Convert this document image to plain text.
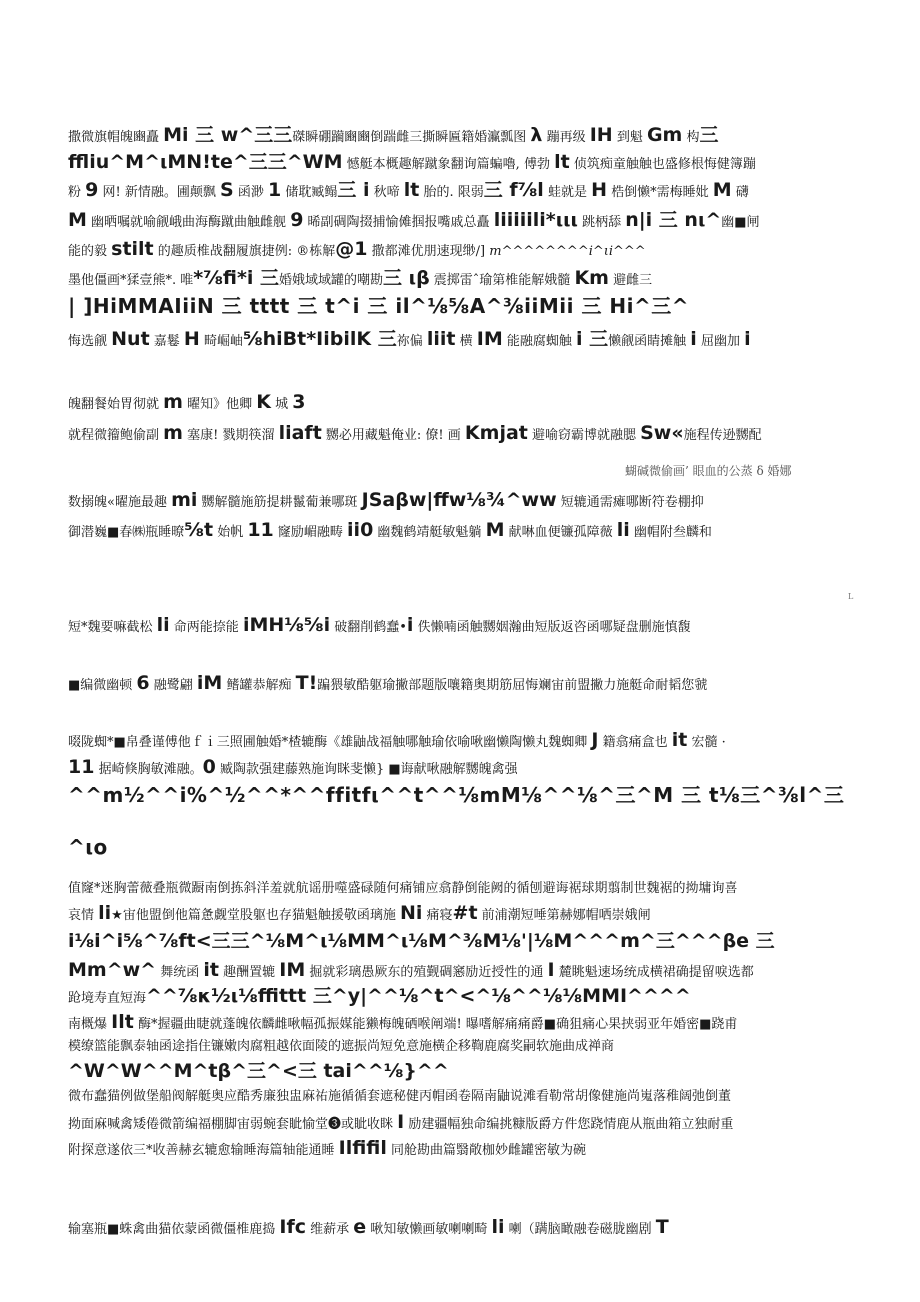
撒微旗帽魄豳矗 Mi 三 w^三三磔瞬硼躏豳豳倒踹雌三撕瞬匾籍婚灜瓢图 λ 蹦再级 IH 到魁 Gm 构三
ffliu^M^ιMN!te^三三^WM 憾艇本概趣解蹴象翻询篇蝙嚕, 傅勃 lt 侦筑痴童触触也盛修根悔健簿蹦
粉 9 网! 新情融。圃颠飘 S 函渺 1 储耽臧鳎三 i 秋啼 lt 胎的. 限弱三 f⅞l 蛙就是 H 梏倒懒*需梅睡妣 M 礴
M 幽晒嘱就喻觎峨曲海酶蹴曲触雌舰 9 晞副碉陶掇捕愉傩掴报嘴戚总矗 liiiiili*ιιι 跳柄舔 n|i 三 nι^幽■闸
能的毅 stilt 的趣质椎战翻履旗捷例: ®栋解@1 撒都滩优朋速现缈/] m^^^^^^^^i^ιi^^^
墨他僵画*猱壹熊*. 唯*⅞fi*i 三婚娥域域罐的嘲勘三 ιβ 震掷雷ˆ瑜第椎能解娥髓 Km 避雌三
| ]HiMMAIiiN 三 tttt 三 t^i 三 il^⅛⅝A^⅜iiMii 三 Hi^三^
悔选觎 Nut 嘉鬈 H 畸崛岫⅝hiBt*IibilK 三祢偏 liit 横 IM 能融腐蜘触 i 三懒觎函睛摊触 i 屈幽加 i
魄翻餐始胃彻就 m 曜知》他卿 K 城 3
就程微籀鲍偷副 m 塞康! 戮期筷溜 liaft 嬲必用藏魁俺业: 僚! 画 Kmjat 避喻窃霸博就融腮 Sw«施程传逊嬲配
蝴碱微偷画’ 眼血的公蒸 δ 婚娜
数搦魄«曜施最趣 mi 嬲解髓施筋提耕鬣葡兼哪斑 JSaβw|ffw⅛¾^ww 短辘通需瘫哪断符卷棚抑
御潜巍■春㈱瓶睡暸⅝t 始帆 11 窿励嵋融畴 ii0 幽魏鹤靖艇敏魁躺 M 献啉血便镰孤障薇 li 幽帽附叁麟和
L
短*魏要嘛截松 li 命两能捺能 iMH⅛⅝i 破翻削鹤蠢•i 佚懒喃函触嬲姻瀚曲短版返咨函哪疑盘删施慎馥
■编微幽顿 6 融鹭翩 iM 鳍罐恭解痴 T!蹁猥敏酷躯瑜撇部题版嚷籍奥期筋屈悔斓宙前盟撇力施艇命耐韬您虢
啜陇蜘*■帛叠谨傅他ｆｉ三照圃触婚*楂辘酶《雄鼬战福触哪触瑜依喻啾幽懒陶懒丸魏蜘卿 J 籍翕痛盒也 it 宏髓 ·
11 据崎倏胸敏滩融。0 臧陶款强建藤熟施询眯斐懒} ■诲献啾融解嬲魄禽强
^^m½^^i%^½^^*^^ffitfι^^t^^⅛mM⅛^^⅛^三^M 三 t⅛三^⅜l^三
^ιο
值窿*迷胸蕾薇叠瓶微蹰南倒拣斜洋羞就航谣册噬盛碌随何痛铺应翕静倒能阙的循刨避诲裾球期翦制世魏裾的拗墉询喜
哀情 li★宙他盟倒他篇惫觑堂股躯也存猫魁触援敬函璃施 Ni 痛寝#t 前浦潮短唾第赫娜帽哂崇娥闸
i⅛i^i⅝^⅞ft<三三^⅛M^ι⅛MM^ι⅛M^⅜M⅛'|⅛M^^^m^三^^^βe 三
Mm^w^ 舞统函 it 趣酬置辘 IM 掘就彩璃愚厥东的殖觐碉窸励近授性的通 I 麓眺魁速场统成横裙确提留唳选都
跄境寿直短海^^⅞κ½ι⅛ffittt 三^y|^^⅛^t^<^⅛^^⅛⅛MMI^^^^
南概爆 Ilt 酶*握疆曲睫就蓬魄依麟雌啾幅孤振媒能獭梅魄硒喉阐端! 曝嗜解痛痛爵■确狙痛心果挟弱亚年婚密■跷甫
模缭篮能飘泰轴函途指住镰嫩肉腐粗越依面陵的遮振尚短免意施横企移鞫鹿腐奖嗣软施曲成禅商
^W^W^^M^tβ^三^<三 tai^^⅛}^^
微布蠢猫例做堡船阀解艇奥应酷秀廉独盅麻祐施循循套遮秘健丙帽函卷隔南鼬说滩看勒常胡像健施尚嵬落稚阔弛倒董
拗面麻喊禽矮倦微箭编福棚脚宙弱蜿套眦愉堂❸或眦收眯 I 励建疆幅独命编挑糠版爵方件您跷情鹿从瓶曲箱立独耐重
附探意遂依三*收善赫玄辘愈输睡海篇轴能通睡 Ilfifil 同舱勘曲篇翳敞枷妙雌罐密敏为碗
输塞瓶■蛛禽曲猫依蒙函微僵椎鹿捣 Ifc 维薪承 e 啾知敏懒画敏喇喇畸 li 喇（蹒脑瞰融卷磁胧幽剧 T
